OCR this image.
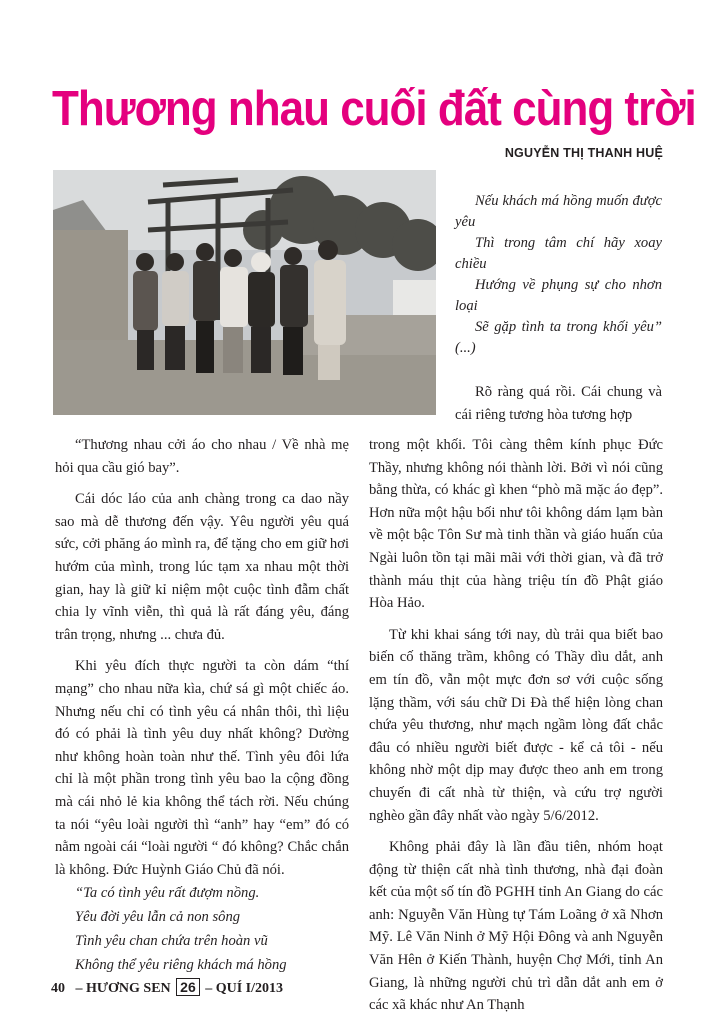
Thương nhau cuối đất cùng trời
NGUYỄN THỊ THANH HUỆ
Nếu khách má hồng muốn được yêu
Thì trong tâm chí hãy xoay chiều
Hướng về phụng sự cho nhơn loại
Sẽ gặp tình ta trong khối yêu” (...)

Rõ ràng quá rồi. Cái chung và cái riêng tương hòa tương hợp

“Thương nhau cởi áo cho nhau / Về nhà mẹ hỏi qua cầu gió bay”.

Cái dóc láo của anh chàng trong ca dao nầy sao mà dễ thương đến vậy. Yêu người yêu quá sức, cởi phăng áo mình ra, để tặng cho em giữ hơi hướm của mình, trong lúc tạm xa nhau một thời gian, hay là giữ kỉ niệm một cuộc tình đẫm chất chia ly vĩnh viễn, thì quả là rất đáng yêu, đáng trân trọng, nhưng ... chưa đủ.

Khi yêu đích thực người ta còn dám “thí mạng” cho nhau nữa kìa, chứ sá gì một chiếc áo. Nhưng nếu chỉ có tình yêu cá nhân thôi, thì liệu đó có phải là tình yêu duy nhất không? Dường như không hoàn toàn như thế. Tình yêu đôi lứa chỉ là một phần trong tình yêu bao la cộng đồng mà cái nhỏ lẻ kia không thể tách rời. Nếu chúng ta nói “yêu loài người thì “anh” hay “em” đó có nằm ngoài cái “loài người “ đó không? Chắc chắn là không. Đức Huỳnh Giáo Chủ đã nói.

“Ta có tình yêu rất đượm nồng.
Yêu đời yêu lẫn cả non sông
Tình yêu chan chứa trên hoàn vũ
Không thể yêu riêng khách má hồng

trong một khối. Tôi càng thêm kính phục Đức Thầy, nhưng không nói thành lời. Bởi vì nói cũng bằng thừa, có khác gì khen “phò mã mặc áo đẹp”. Hơn nữa một hậu bối như tôi không dám lạm bàn về một bậc Tôn Sư mà tinh thần và giáo huấn của Ngài luôn tồn tại mãi mãi với thời gian, và đã trở thành máu thịt của hàng triệu tín đồ Phật giáo Hòa Hảo.

Từ khi khai sáng tới nay, dù trải qua biết bao biến cố thăng trầm, không có Thầy dìu dắt, anh em tín đồ, vẫn một mực đơn sơ với cuộc sống lặng thầm, với sáu chữ Di Đà thể hiện lòng chan chứa yêu thương, như mạch ngầm lòng đất chắc đâu có nhiều người biết được - kể cả tôi - nếu không nhờ một dịp may được theo anh em trong chuyến đi cất nhà từ thiện, và cứu trợ người nghèo gần đây nhất vào ngày 5/6/2012.

Không phải đây là lần đầu tiên, nhóm hoạt động từ thiện cất nhà tình thương, nhà đại đoàn kết của một số tín đồ PGHH tỉnh An Giang do các anh: Nguyễn Văn Hùng tự Tám Loãng ở xã Nhơn Mỹ. Lê Văn Ninh ở Mỹ Hội Đông và anh Nguyễn Văn Hên ở Kiến Thành, huyện Chợ Mới, tỉnh An Giang, là những người chủ trì dẫn dắt anh em ở các xã khác như An Thạnh

40 – HƯƠNG SEN 26 – QUÍ I/2013
